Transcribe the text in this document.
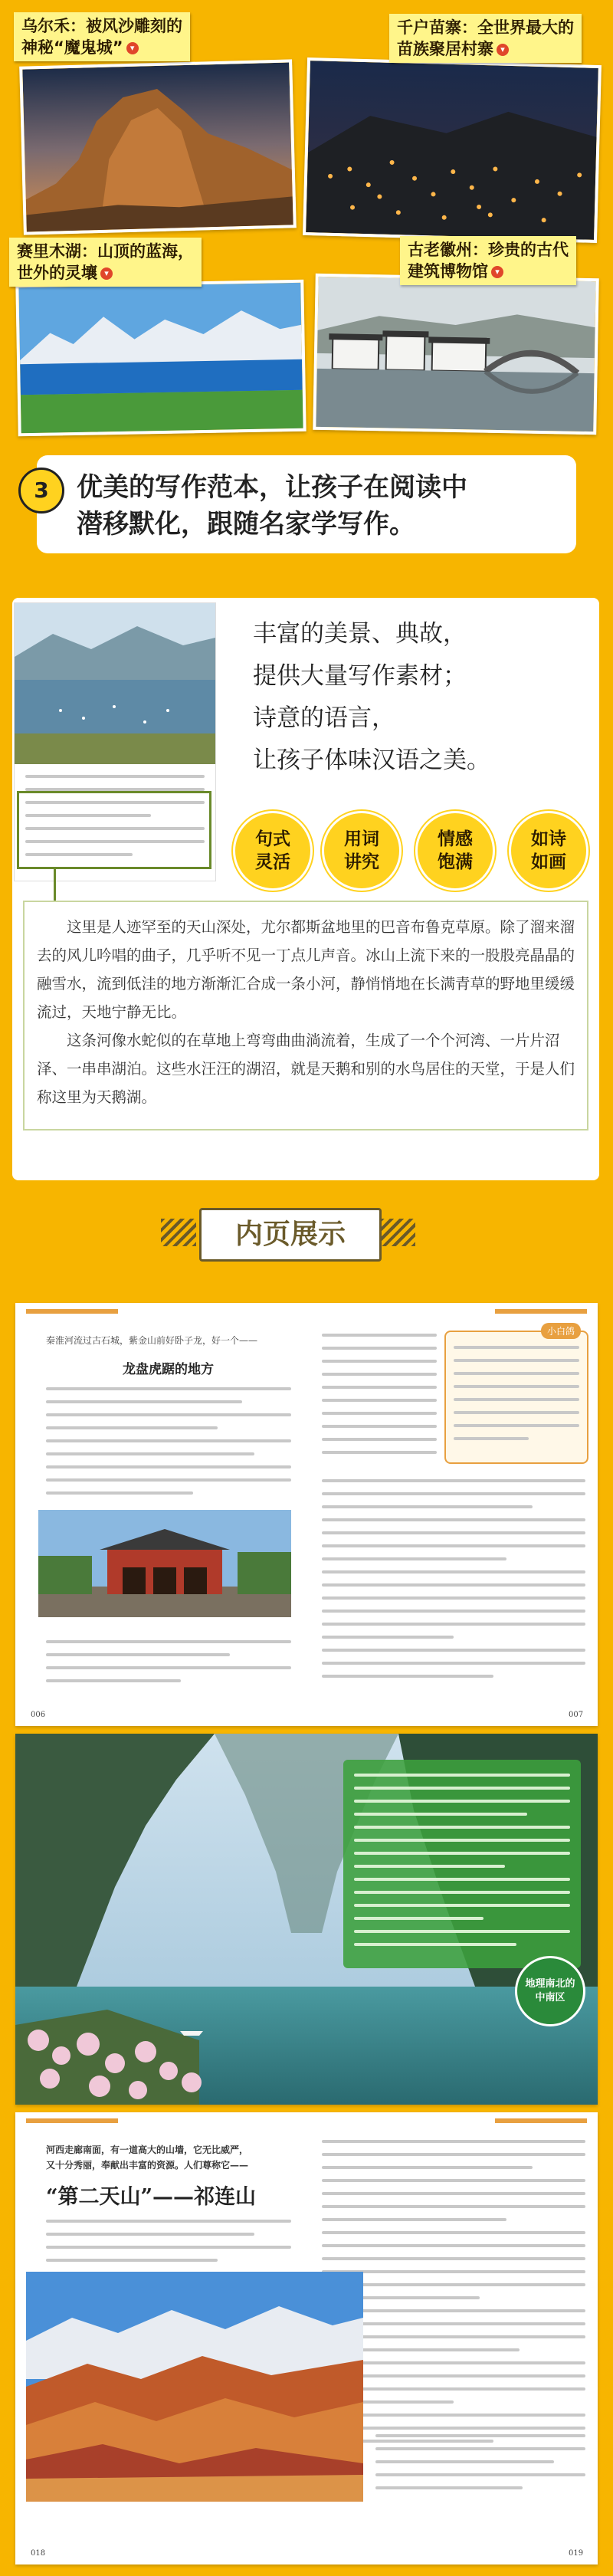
乌尔禾：被风沙雕刻的
神秘“魔鬼城” ▾
千户苗寨：全世界最大的
苗族聚居村寨 ▾
赛里木湖：山顶的蓝海，
世外的灵壤 ▾
古老徽州：珍贵的古代
建筑博物馆 ▾
3	优美的写作范本，让孩子在阅读中
潜移默化，跟随名家学写作。
丰富的美景、典故，
提供大量写作素材；
诗意的语言，
让孩子体味汉语之美。
句式
灵活
用词
讲究
情感
饱满
如诗
如画

这里是人迹罕至的天山深处，尤尔都斯盆地里的巴音布鲁克草原。除了溜来溜去的风儿吟唱的曲子，几乎听不见一丁点儿声音。冰山上流下来的一股股亮晶晶的融雪水，流到低洼的地方渐渐汇合成一条小河，静悄悄地在长满青草的野地里缓缓流过，天地宁静无比。

这条河像水蛇似的在草地上弯弯曲曲淌流着，生成了一个个河湾、一片片沼泽、一串串湖泊。这些水汪汪的湖沼，就是天鹅和别的水鸟居住的天堂，于是人们称这里为天鹅湖。

内页展示
秦淮河流过古石城，紫金山前好卧子龙，好一个——
龙盘虎踞的地方
006
小白鸽
007
地理南北的
中南区
河西走廊南面，有一道高大的山墙，它无比威严，
又十分秀丽，奉献出丰富的资源。人们尊称它——
“第二天山”——祁连山
018	019
